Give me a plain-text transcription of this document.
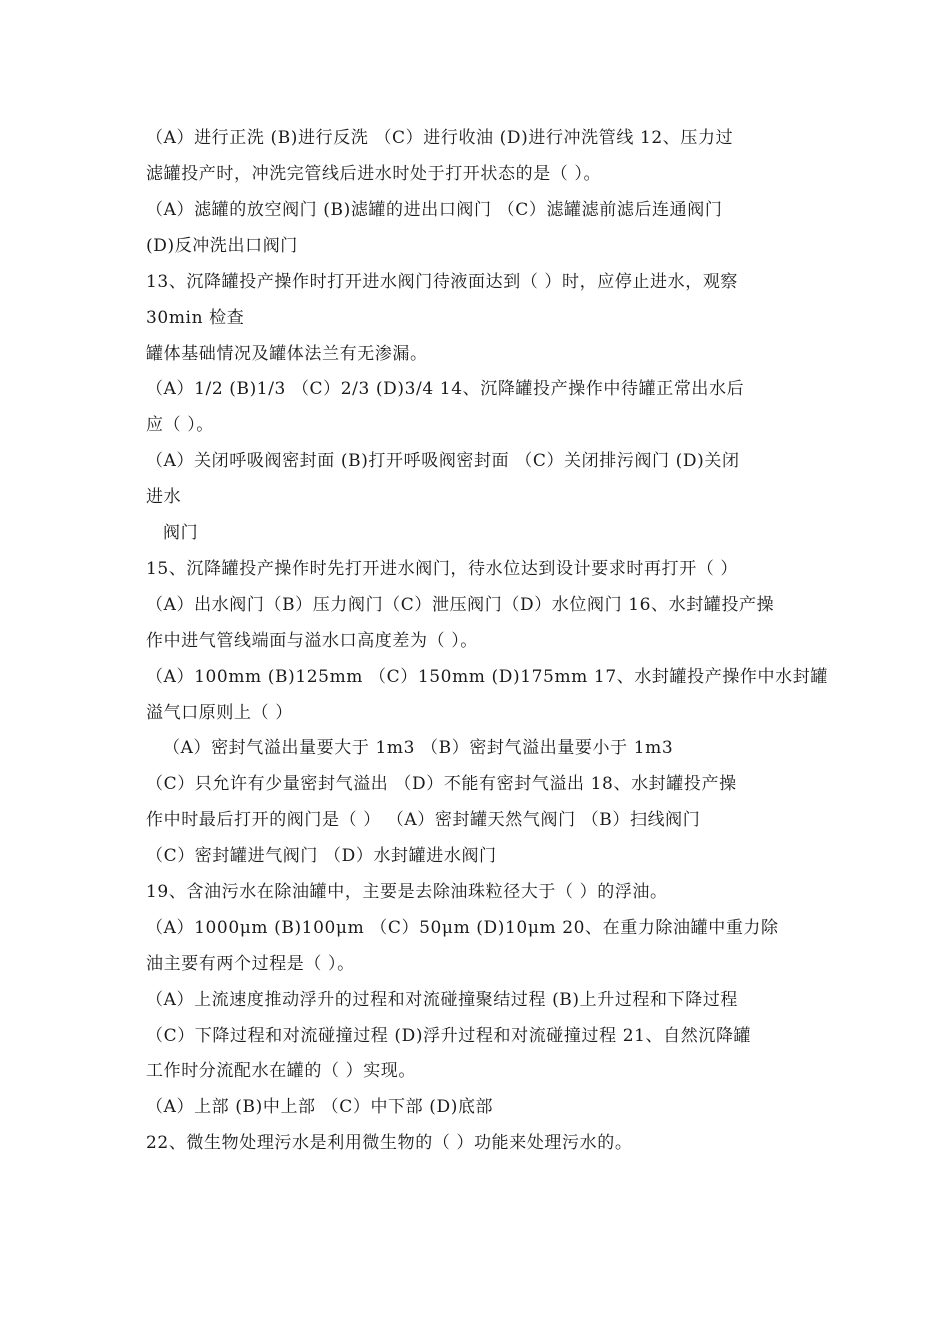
（A）进行正洗 (B)进行反洗 （C）进行收油 (D)进行冲洗管线 12、压力过
滤罐投产时，冲洗完管线后进水时处于打开状态的是（ ）。
（A）滤罐的放空阀门 (B)滤罐的进出口阀门 （C）滤罐滤前滤后连通阀门
(D)反冲洗出口阀门
13、沉降罐投产操作时打开进水阀门待液面达到（ ）时，应停止进水，观察
30min 检查
罐体基础情况及罐体法兰有无渗漏。
（A）1/2 (B)1/3 （C）2/3 (D)3/4 14、沉降罐投产操作中待罐正常出水后
应（ ）。
（A）关闭呼吸阀密封面 (B)打开呼吸阀密封面 （C）关闭排污阀门 (D)关闭
进水
阀门
15、沉降罐投产操作时先打开进水阀门，待水位达到设计要求时再打开（ ）
（A）出水阀门（B）压力阀门（C）泄压阀门（D）水位阀门 16、水封罐投产操
作中进气管线端面与溢水口高度差为（ ）。
（A）100mm (B)125mm （C）150mm (D)175mm 17、水封罐投产操作中水封罐
溢气口原则上（ ）
（A）密封气溢出量要大于 1m3 （B）密封气溢出量要小于 1m3
（C）只允许有少量密封气溢出 （D）不能有密封气溢出 18、水封罐投产操
作中时最后打开的阀门是（ ） （A）密封罐天然气阀门 （B）扫线阀门
（C）密封罐进气阀门 （D）水封罐进水阀门
19、含油污水在除油罐中，主要是去除油珠粒径大于（ ）的浮油。
（A）1000μm (B)100μm （C）50μm (D)10μm 20、在重力除油罐中重力除
油主要有两个过程是（ ）。
（A）上流速度推动浮升的过程和对流碰撞聚结过程 (B)上升过程和下降过程
（C）下降过程和对流碰撞过程 (D)浮升过程和对流碰撞过程 21、自然沉降罐
工作时分流配水在罐的（ ）实现。
（A）上部 (B)中上部 （C）中下部 (D)底部
22、微生物处理污水是利用微生物的（ ）功能来处理污水的。
